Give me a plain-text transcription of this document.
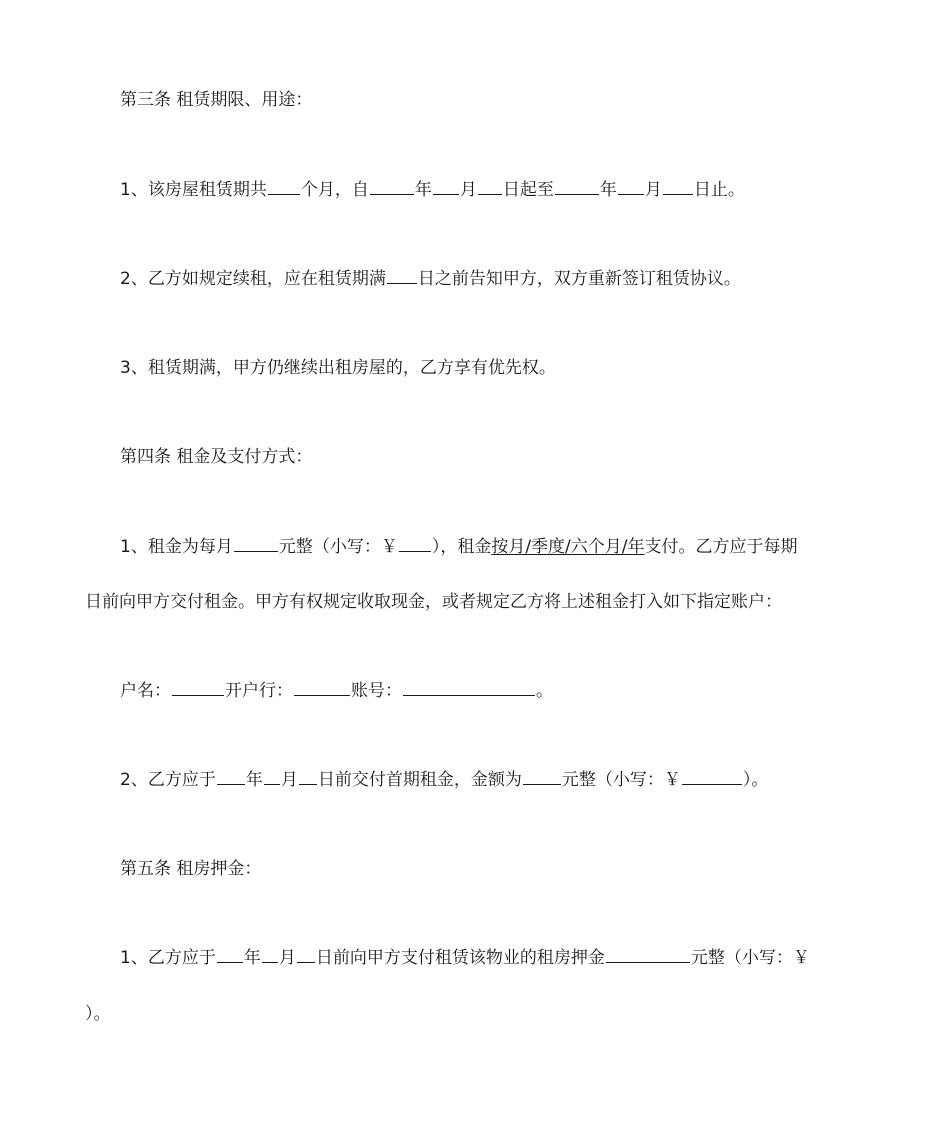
第三条 租赁期限、用途：
1、该房屋租赁期共 个月，自	年 月 日起至	年 月 日止。
2、乙方如规定续租，应在租赁期满 日之前告知甲方，双方重新签订租赁协议。
3、租赁期满，甲方仍继续出租房屋的，乙方享有优先权。
第四条 租金及支付方式：
1、租金为每月	元整（小写：￥ ），租金按月/季度/六个月/年支付。乙方应于每期
日前向甲方交付租金。甲方有权规定收取现金，或者规定乙方将上述租金打入如下指定账户：
户名：	开户行：	账号：	。
2、乙方应于 年 月 日前交付首期租金，金额为 元整（小写：￥	）。
第五条 租房押金：
1、乙方应于 年 月 日前向甲方支付租赁该物业的租房押金	元整（小写：￥
）。
